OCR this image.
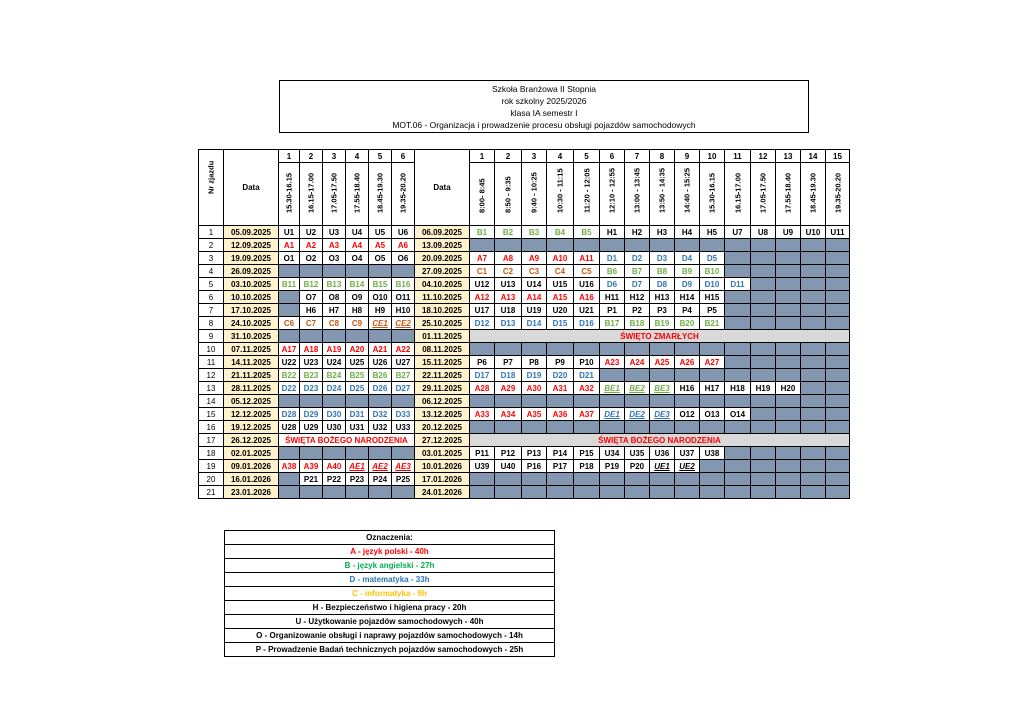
Szkoła Branżowa II Stopnia
rok szkolny 2025/2026
klasa IA semestr I
MOT.06 - Organizacja i prowadzenie procesu obsługi pojazdów samochodowych
Nr zjazdu	Data	1	2	3	4	5	6	Data	1	2	3	4	5	6	7	8	9	10	11	12	13	14	15

		15.30-16.15	16.15-17.00	17.05-17.50	17.55-18.40	18.45-19.30	19.35-20.20		8:00- 8:45	8:50 - 9:35	9:40 - 10:25	10:30 - 11:15	11:20 - 12:05	12:10 - 12:55	13:00 - 13:45	13:50 - 14:35	14:40 - 15:25	15.30-16.15	16.15-17.00	17.05-17.50	17.55-18.40	18.45-19.30	19.35-20.20

1	05.09.2025	U1	U2	U3	U4	U5	U6	06.09.2025	B1	B2	B3	B4	B5	H1	H2	H3	H4	H5	U7	U8	U9	U10	U11
2	12.09.2025	A1	A2	A3	A4	A5	A6	13.09.2025															
3	19.09.2025	O1	O2	O3	O4	O5	O6	20.09.2025	A7	A8	A9	A10	A11	D1	D2	D3	D4	D5					
4	26.09.2025							27.09.2025	C1	C2	C3	C4	C5	B6	B7	B8	B9	B10					
5	03.10.2025	B11	B12	B13	B14	B15	B16	04.10.2025	U12	U13	U14	U15	U16	D6	D7	D8	D9	D10	D11				
6	10.10.2025		O7	O8	O9	O10	O11	11.10.2025	A12	A13	A14	A15	A16	H11	H12	H13	H14	H15					
7	17.10.2025		H6	H7	H8	H9	H10	18.10.2025	U17	U18	U19	U20	U21	P1	P2	P3	P4	P5					
8	24.10.2025	C6	C7	C8	C9	CE1	CE2	25.10.2025	D12	D13	D14	D15	D16	B17	B18	B19	B20	B21					
9	31.10.2025							01.11.2025	ŚWIĘTO ZMARŁYCH														
10	07.11.2025	A17	A18	A19	A20	A21	A22	08.11.2025															
11	14.11.2025	U22	U23	U24	U25	U26	U27	15.11.2025	P6	P7	P8	P9	P10	A23	A24	A25	A26	A27					
12	21.11.2025	B22	B23	B24	B25	B26	B27	22.11.2025	D17	D18	D19	D20	D21										
13	28.11.2025	D22	D23	D24	D25	D26	D27	29.11.2025	A28	A29	A30	A31	A32	BE1	BE2	BE3	H16	H17	H18	H19	H20		
14	05.12.2025							06.12.2025															
15	12.12.2025	D28	D29	D30	D31	D32	D33	13.12.2025	A33	A34	A35	A36	A37	DE1	DE2	DE3	O12	O13	O14				
16	19.12.2025	U28	U29	U30	U31	U32	U33	20.12.2025															
17	26.12.2025	ŚWIĘTA BOŻEGO NARODZENIA						27.12.2025	ŚWIĘTA BOŻEGO NARODZENIA														
18	02.01.2025							03.01.2025	P11	P12	P13	P14	P15	U34	U35	U36	U37	U38					
19	09.01.2026	A38	A39	A40	AE1	AE2	AE3	10.01.2026	U39	U40	P16	P17	P18	P19	P20	UE1	UE2						
20	16.01.2026		P21	P22	P23	P24	P25	17.01.2026															
21	23.01.2026							24.01.2026															
Oznaczenia:
A - język polski - 40h
B - język angielski - 27h
D - matematyka - 33h
C - informatyka - 9h
H - Bezpieczeństwo i higiena pracy - 20h
U - Użytkowanie pojazdów samochodowych - 40h
O - Organizowanie obsługi i naprawy pojazdów samochodowych - 14h
P - Prowadzenie Badań technicznych pojazdów samochodowych - 25h
